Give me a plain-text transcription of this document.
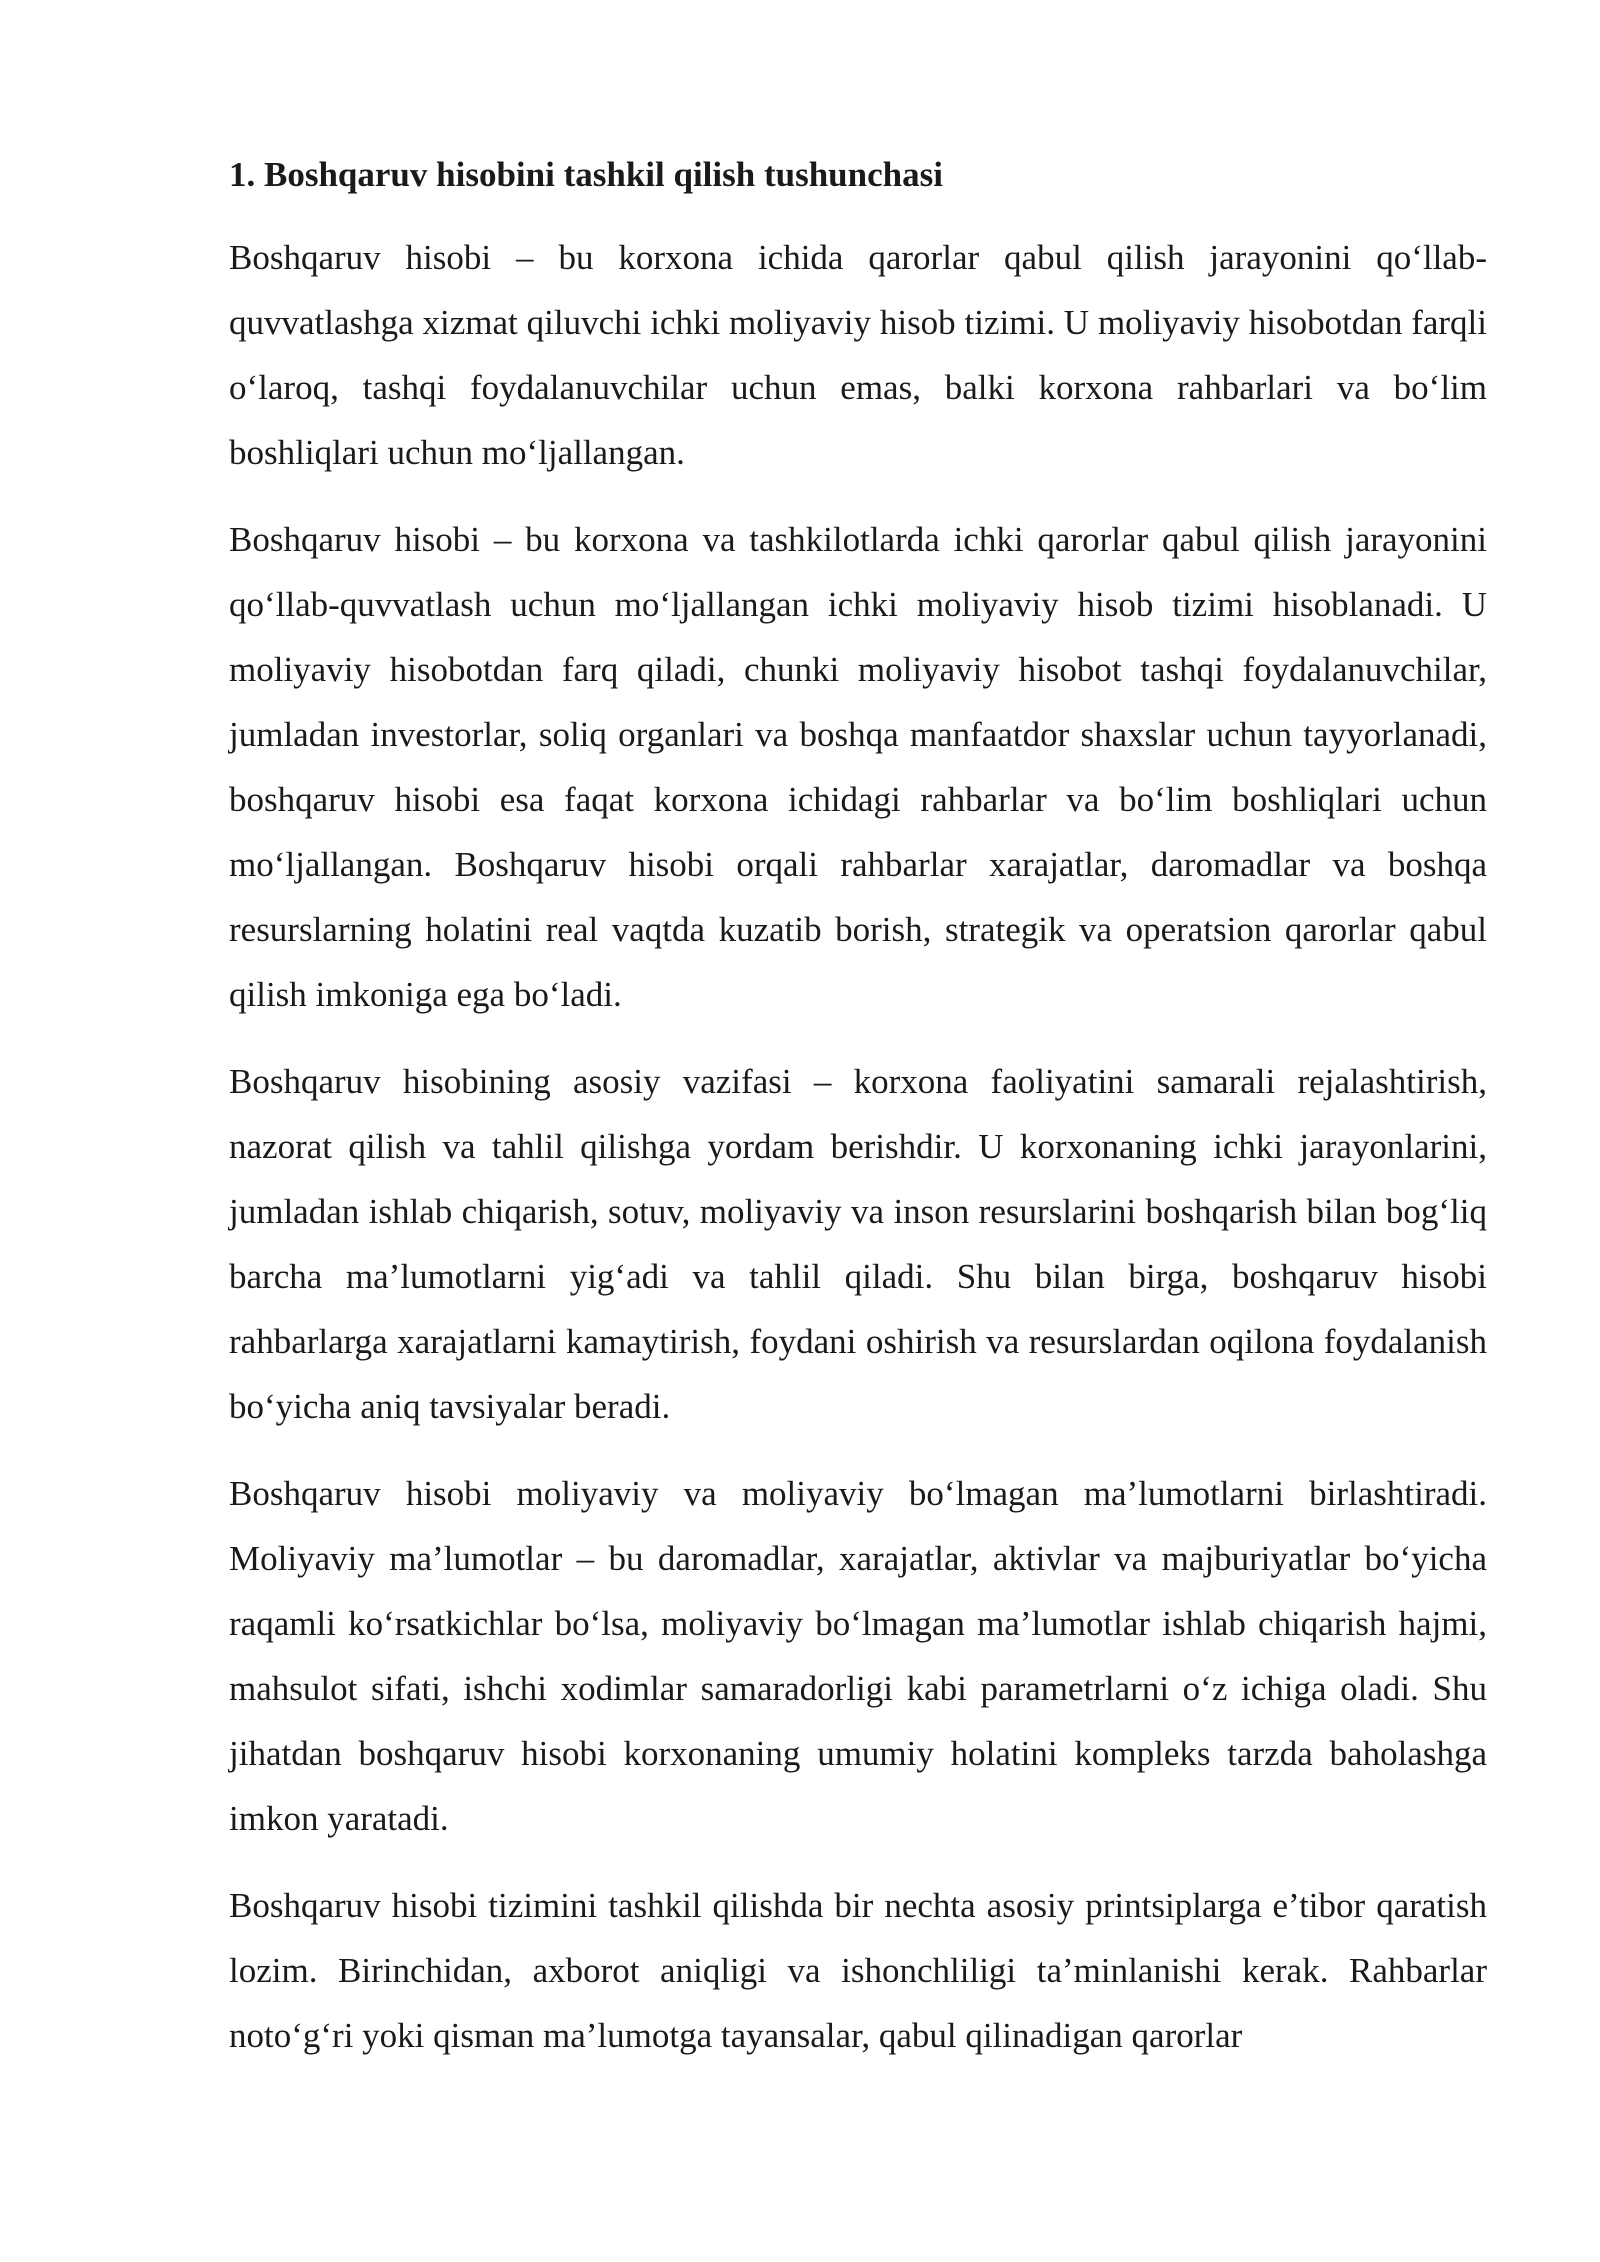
1. Boshqaruv hisobini tashkil qilish tushunchasi

Boshqaruv hisobi – bu korxona ichida qarorlar qabul qilish jarayonini qo‘llab-quvvatlashga xizmat qiluvchi ichki moliyaviy hisob tizimi. U moliyaviy hisobotdan farqli o‘laroq, tashqi foydalanuvchilar uchun emas, balki korxona rahbarlari va bo‘lim boshliqlari uchun mo‘ljallangan.

Boshqaruv hisobi – bu korxona va tashkilotlarda ichki qarorlar qabul qilish jarayonini qo‘llab-quvvatlash uchun mo‘ljallangan ichki moliyaviy hisob tizimi hisoblanadi. U moliyaviy hisobotdan farq qiladi, chunki moliyaviy hisobot tashqi foydalanuvchilar, jumladan investorlar, soliq organlari va boshqa manfaatdor shaxslar uchun tayyorlanadi, boshqaruv hisobi esa faqat korxona ichidagi rahbarlar va bo‘lim boshliqlari uchun mo‘ljallangan. Boshqaruv hisobi orqali rahbarlar xarajatlar, daromadlar va boshqa resurslarning holatini real vaqtda kuzatib borish, strategik va operatsion qarorlar qabul qilish imkoniga ega bo‘ladi.

Boshqaruv hisobining asosiy vazifasi – korxona faoliyatini samarali rejalashtirish, nazorat qilish va tahlil qilishga yordam berishdir. U korxonaning ichki jarayonlarini, jumladan ishlab chiqarish, sotuv, moliyaviy va inson resurslarini boshqarish bilan bog‘liq barcha ma’lumotlarni yig‘adi va tahlil qiladi. Shu bilan birga, boshqaruv hisobi rahbarlarga xarajatlarni kamaytirish, foydani oshirish va resurslardan oqilona foydalanish bo‘yicha aniq tavsiyalar beradi.

Boshqaruv hisobi moliyaviy va moliyaviy bo‘lmagan ma’lumotlarni birlashtiradi. Moliyaviy ma’lumotlar – bu daromadlar, xarajatlar, aktivlar va majburiyatlar bo‘yicha raqamli ko‘rsatkichlar bo‘lsa, moliyaviy bo‘lmagan ma’lumotlar ishlab chiqarish hajmi, mahsulot sifati, ishchi xodimlar samaradorligi kabi parametrlarni o‘z ichiga oladi. Shu jihatdan boshqaruv hisobi korxonaning umumiy holatini kompleks tarzda baholashga imkon yaratadi.

Boshqaruv hisobi tizimini tashkil qilishda bir nechta asosiy printsiplarga e’tibor qaratish lozim. Birinchidan, axborot aniqligi va ishonchliligi ta’minlanishi kerak. Rahbarlar noto‘g‘ri yoki qisman ma’lumotga tayansalar, qabul qilinadigan qarorlar
